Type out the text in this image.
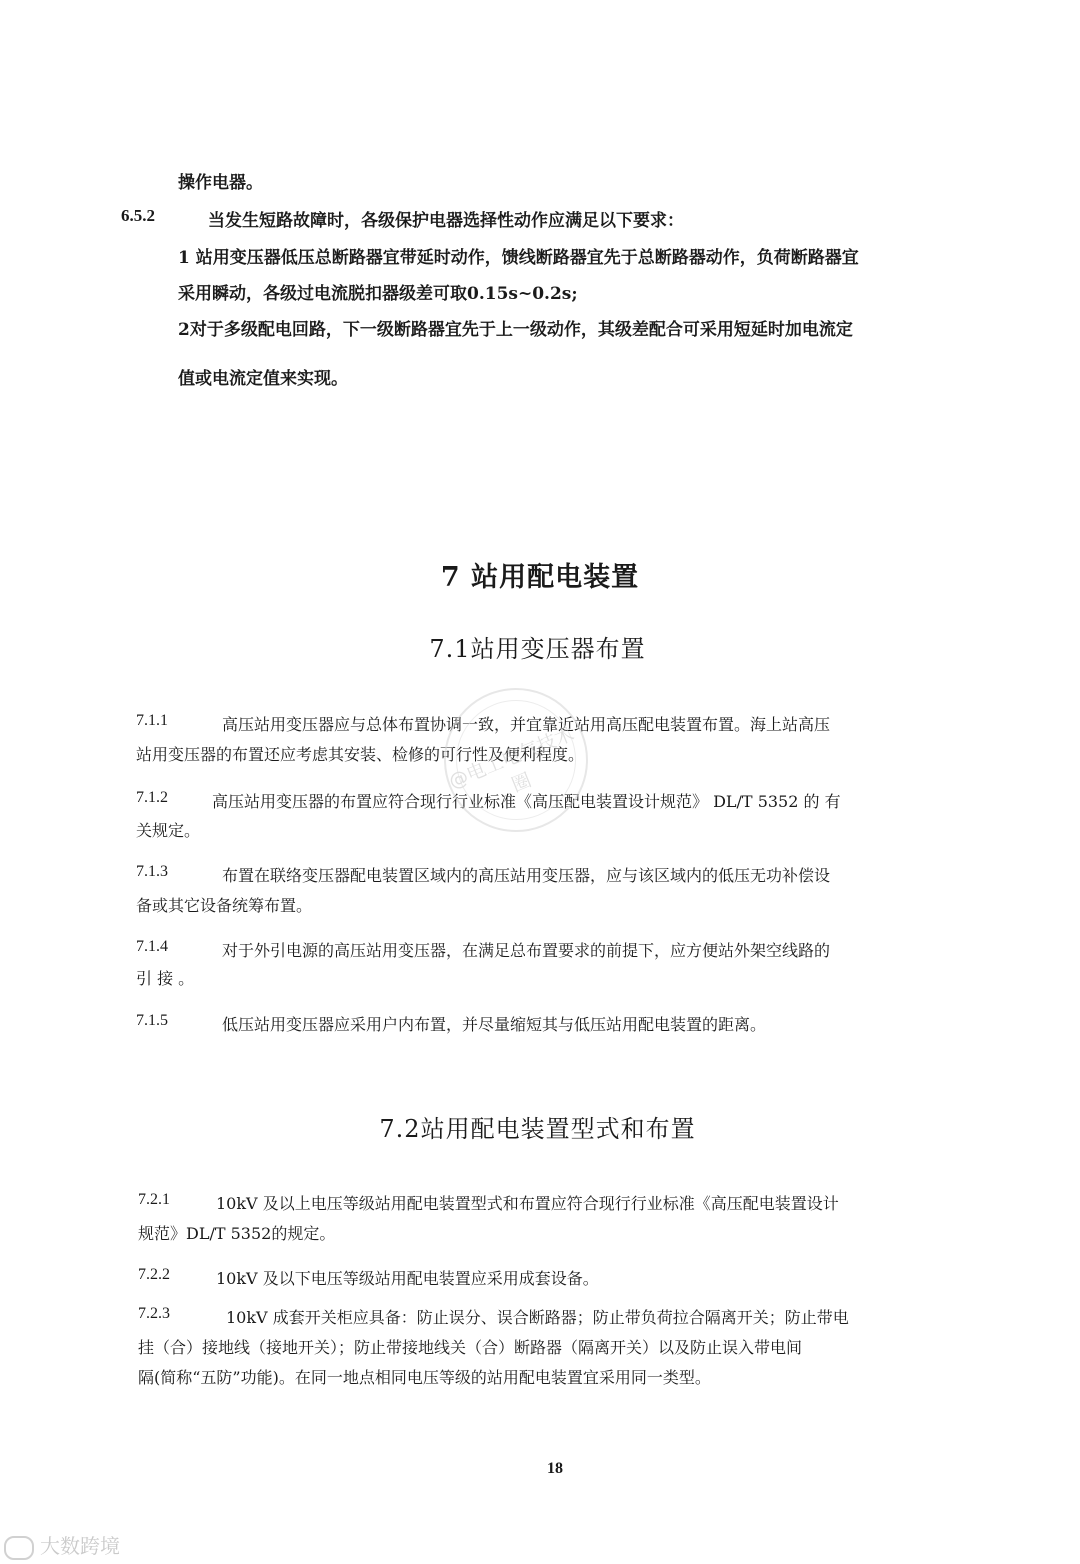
操作电器。
6.5.2	当发生短路故障时，各级保护电器选择性动作应满足以下要求：
1 站用变压器低压总断路器宜带延时动作，馈线断路器宜先于总断路器动作，负荷断路器宜
采用瞬动，各级过电流脱扣器级差可取0.15s~0.2s;
2对于多级配电回路，下一级断路器宜先于上一级动作，其级差配合可采用短延时加电流定
值或电流定值来实现。
7 站用配电装置
7.1站用变压器布置
7.1.1	高压站用变压器应与总体布置协调一致，并宜靠近站用高压配电装置布置。海上站高压
站用变压器的布置还应考虑其安装、检修的可行性及便利程度。
7.1.2	高压站用变压器的布置应符合现行行业标准《高压配电装置设计规范》 DL/T 5352 的 有
关规定。
7.1.3	布置在联络变压器配电装置区域内的高压站用变压器，应与该区域内的低压无功补偿设
备或其它设备统筹布置。
7.1.4	对于外引电源的高压站用变压器，在满足总布置要求的前提下，应方便站外架空线路的
引 接 。
7.1.5	低压站用变压器应采用户内布置，并尽量缩短其与低压站用配电装置的距离。
7.2站用配电装置型式和布置
7.2.1	10kV 及以上电压等级站用配电装置型式和布置应符合现行行业标准《高压配电装置设计
规范》DL/T 5352的规定。
7.2.2	10kV 及以下电压等级站用配电装置应采用成套设备。
7.2.3	10kV 成套开关柜应具备：防止误分、误合断路器；防止带负荷拉合隔离开关；防止带电
挂（合）接地线（接地开关）；防止带接地线关（合）断路器（隔离开关）以及防止误入带电间
隔(简称“五防”功能)。在同一地点相同电压等级的站用配电装置宜采用同一类型。
18
@电工电气技术圈
大数跨境
